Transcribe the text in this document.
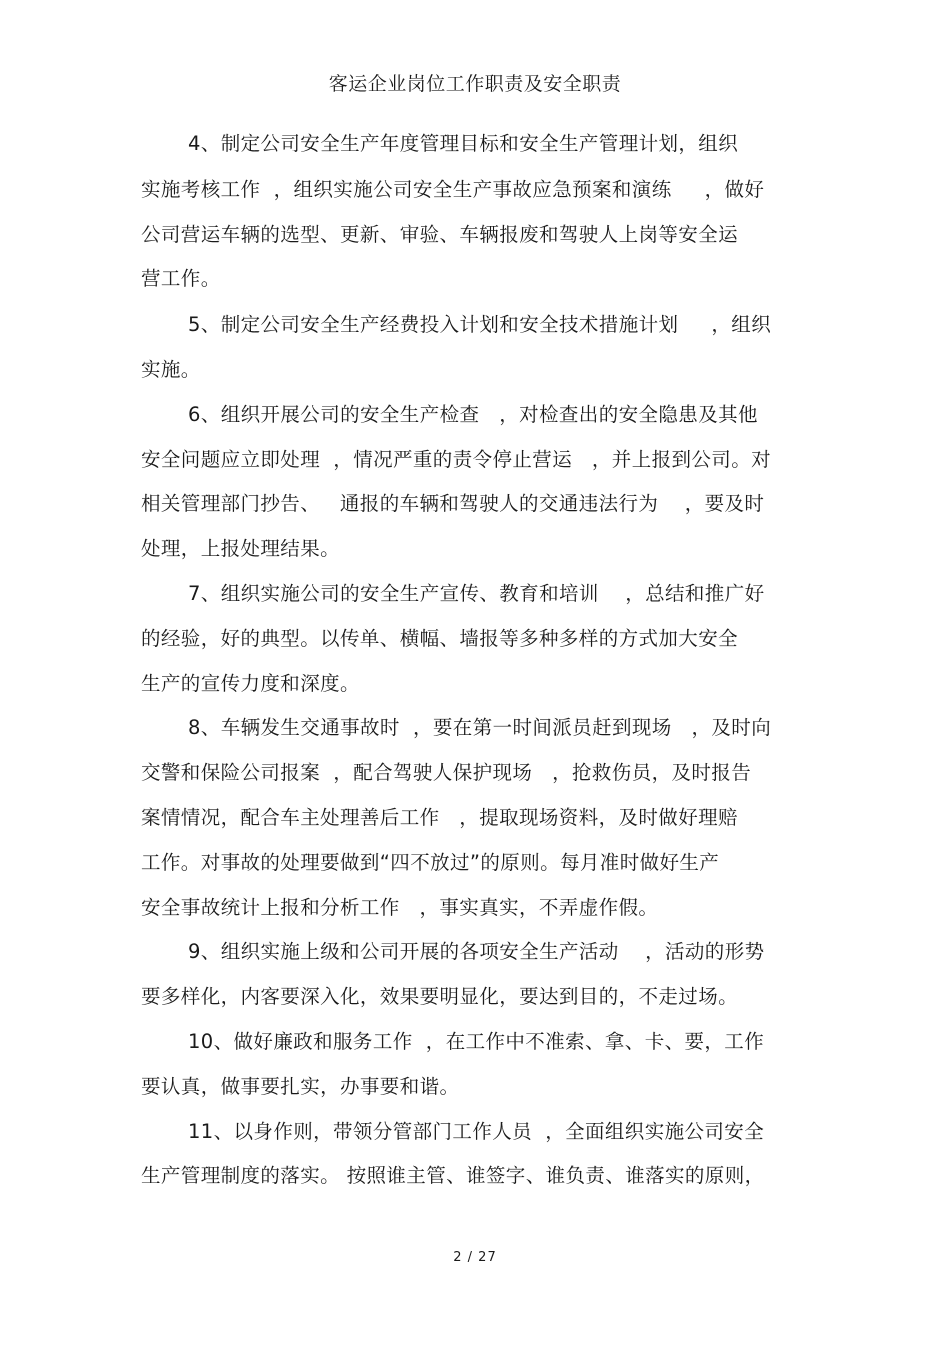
客运企业岗位工作职责及安全职责
4、制定公司安全生产年度管理目标和安全生产管理计划，组织
实施考核工作  ，组织实施公司安全生产事故应急预案和演练     ，做好
公司营运车辆的选型、更新、审验、车辆报废和驾驶人上岗等安全运
营工作。
5、制定公司安全生产经费投入计划和安全技术措施计划     ，组织
实施。
6、组织开展公司的安全生产检查   ，对检查出的安全隐患及其他
安全问题应立即处理  ，情况严重的责令停止营运   ，并上报到公司。对
相关管理部门抄告、   通报的车辆和驾驶人的交通违法行为    ，要及时
处理，上报处理结果。
7、组织实施公司的安全生产宣传、教育和培训    ，总结和推广好
的经验，好的典型。以传单、横幅、墙报等多种多样的方式加大安全
生产的宣传力度和深度。
8、车辆发生交通事故时  ，要在第一时间派员赶到现场   ，及时向
交警和保险公司报案  ，配合驾驶人保护现场   ，抢救伤员，及时报告
案情情况，配合车主处理善后工作   ，提取现场资料，及时做好理赔
工作。对事故的处理要做到“四不放过”的原则。每月准时做好生产
安全事故统计上报和分析工作   ，事实真实，不弄虚作假。
9、组织实施上级和公司开展的各项安全生产活动    ，活动的形势
要多样化，内客要深入化，效果要明显化，要达到目的，不走过场。
10、做好廉政和服务工作  ，在工作中不准索、拿、卡、要，工作
要认真，做事要扎实，办事要和谐。
11、以身作则，带领分管部门工作人员  ，全面组织实施公司安全
生产管理制度的落实。 按照谁主管、谁签字、谁负责、谁落实的原则，
2 / 27
